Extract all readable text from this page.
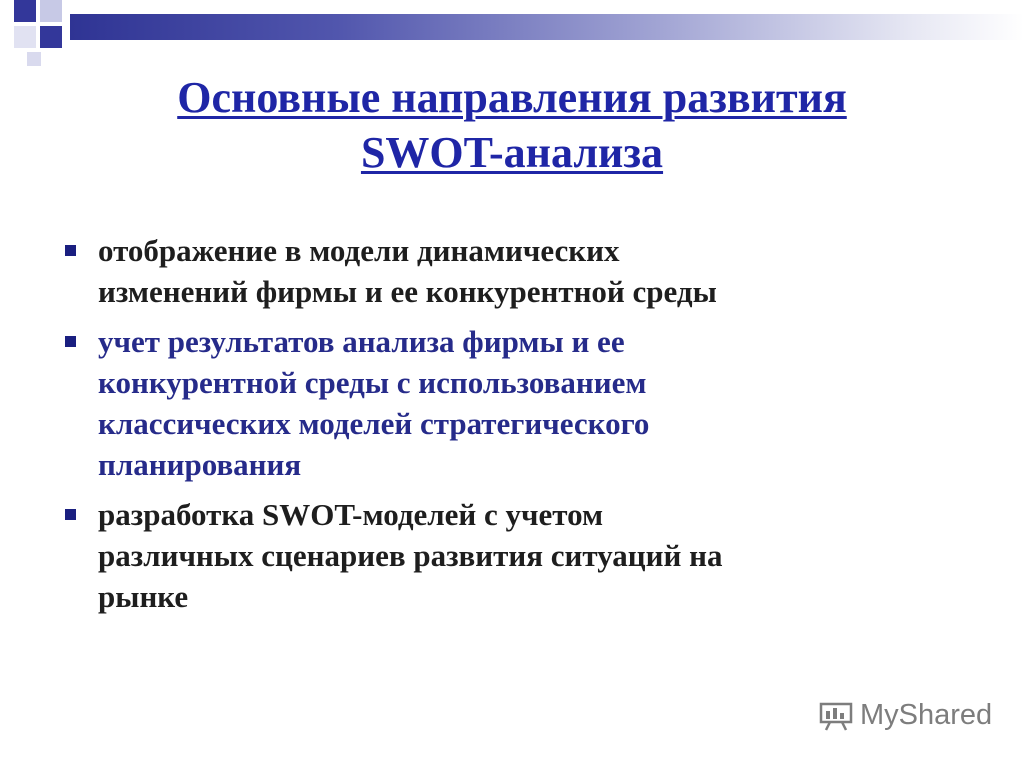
Основные направления развития
SWOT-анализа
отображение в модели динамических
изменений фирмы и ее конкурентной среды
учет результатов анализа фирмы и ее
конкурентной среды с использованием
классических моделей стратегического
планирования
разработка SWOT-моделей с учетом
различных сценариев развития ситуаций на
рынке
MyShared
